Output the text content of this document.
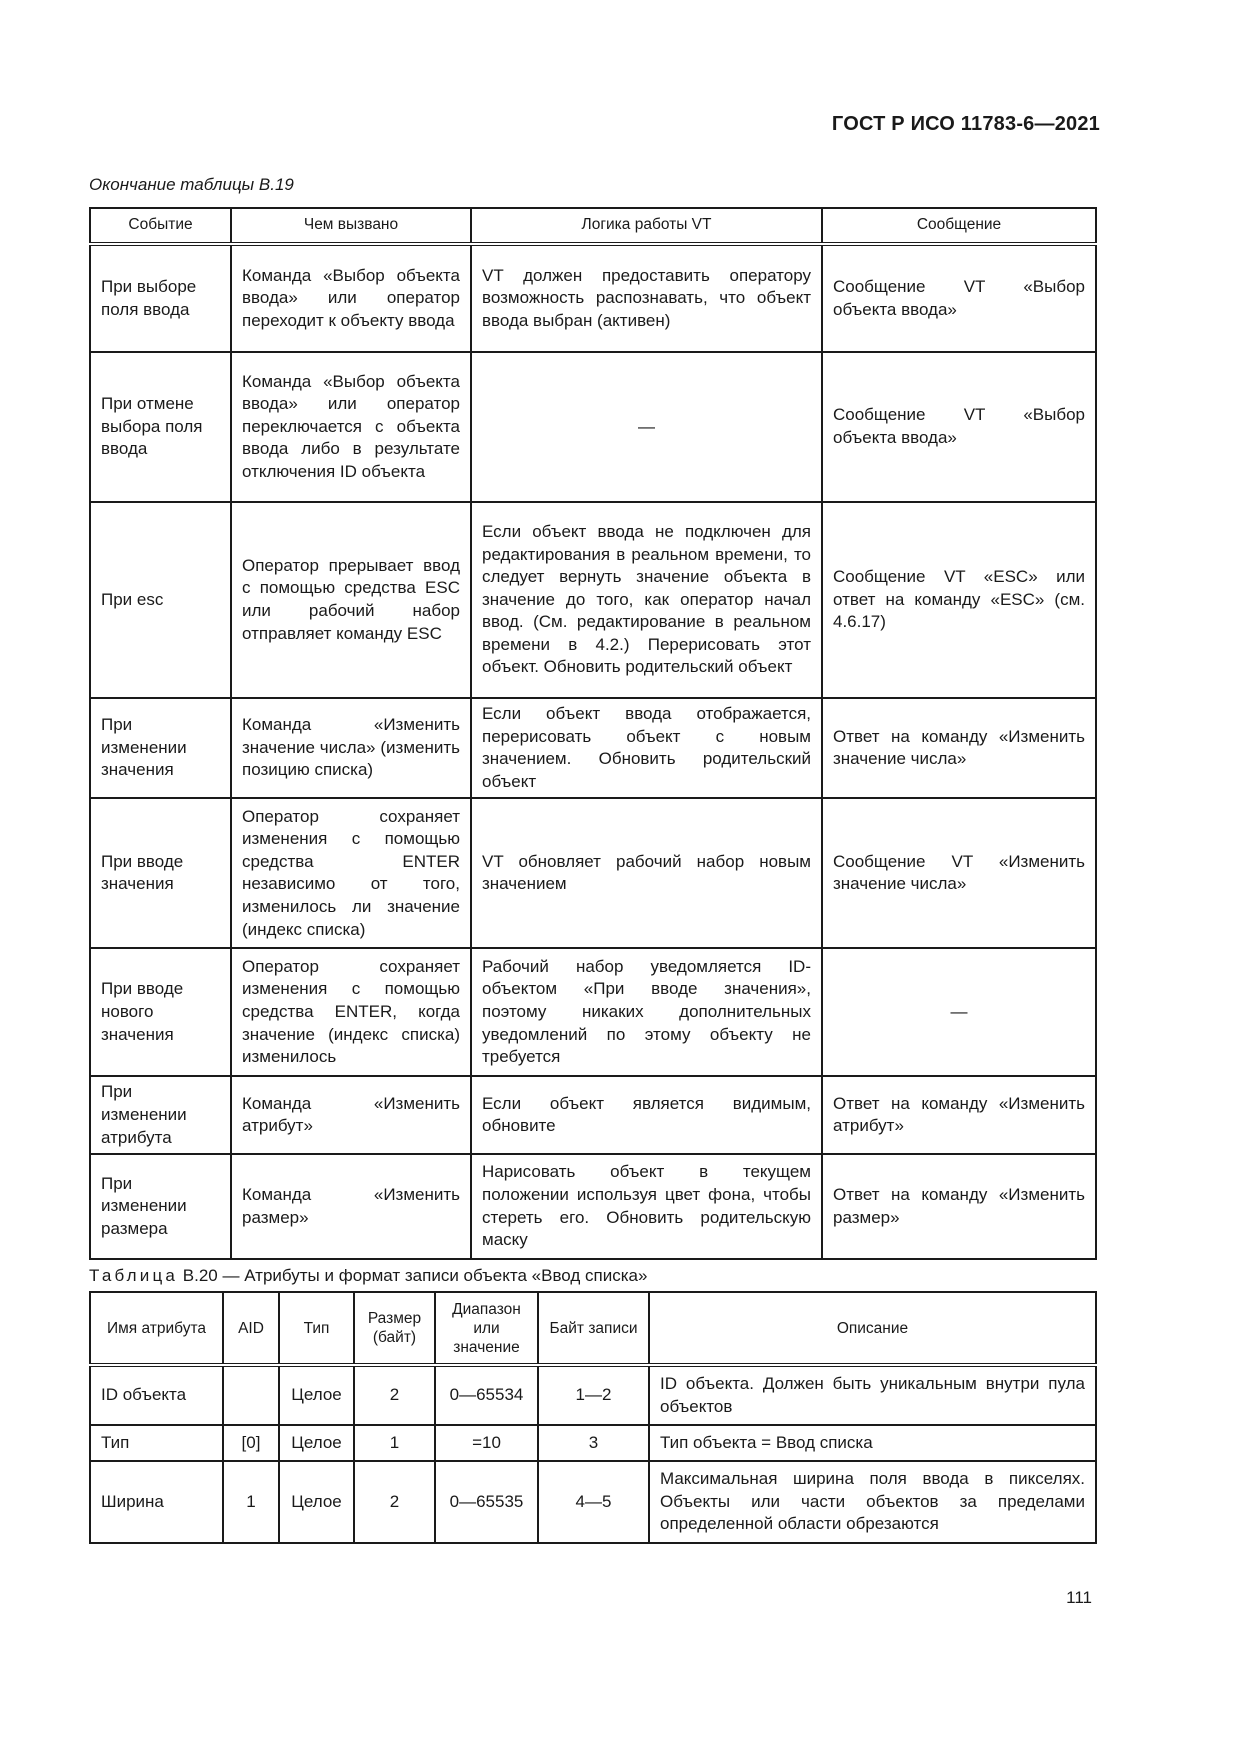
ГОСТ Р ИСО 11783-6—2021
Окончание таблицы В.19
Событие	Чем вызвано	Логика работы VT	Сообщение
При выборе поля ввода	Команда «Выбор объекта ввода» или оператор переходит к объекту ввода	VT должен предоставить оператору возможность распознавать, что объект ввода выбран (активен)	Сообщение VT «Выбор объекта ввода»
При отмене выбора поля ввода	Команда «Выбор объекта ввода» или оператор переключается с объекта ввода либо в результате отключения ID объекта	—	Сообщение VT «Выбор объекта ввода»
При esc	Оператор прерывает ввод с помощью средства ESC или рабочий набор отправляет команду ESC	Если объект ввода не подключен для редактирования в реальном времени, то следует вернуть значение объекта в значение до того, как оператор начал ввод. (См. редактирование в реальном времени в 4.2.) Перерисовать этот объект. Обновить родительский объект	Сообщение VT «ESC» или ответ на команду «ESC» (см. 4.6.17)
При изменении значения	Команда «Изменить значение числа» (изменить позицию списка)	Если объект ввода отображается, перерисовать объект с новым значением. Обновить родительский объект	Ответ на команду «Изменить значение числа»
При вводе значения	Оператор сохраняет изменения с помощью средства ENTER независимо от того, изменилось ли значение (индекс списка)	VT обновляет рабочий набор новым значением	Сообщение VT «Изменить значение числа»
При вводе нового значения	Оператор сохраняет изменения с помощью средства ENTER, когда значение (индекс списка) изменилось	Рабочий набор уведомляется ID-объектом «При вводе значения», поэтому никаких дополнительных уведомлений по этому объекту не требуется	—
При изменении атрибута	Команда «Изменить атрибут»	Если объект является видимым, обновите	Ответ на команду «Изменить атрибут»
При изменении размера	Команда «Изменить размер»	Нарисовать объект в текущем положении используя цвет фона, чтобы стереть его. Обновить родительскую маску	Ответ на команду «Изменить размер»
Таблица В.20 — Атрибуты и формат записи объекта «Ввод списка»
Имя атрибута	AID	Тип	Размер (байт)	Диапазон или значение	Байт записи	Описание
ID объекта		Целое	2	0—65534	1—2	ID объекта. Должен быть уникальным внутри пула объектов
Тип	[0]	Целое	1	=10	3	Тип объекта = Ввод списка
Ширина	1	Целое	2	0—65535	4—5	Максимальная ширина поля ввода в пикселях. Объекты или части объектов за пределами определенной области обрезаются
111
